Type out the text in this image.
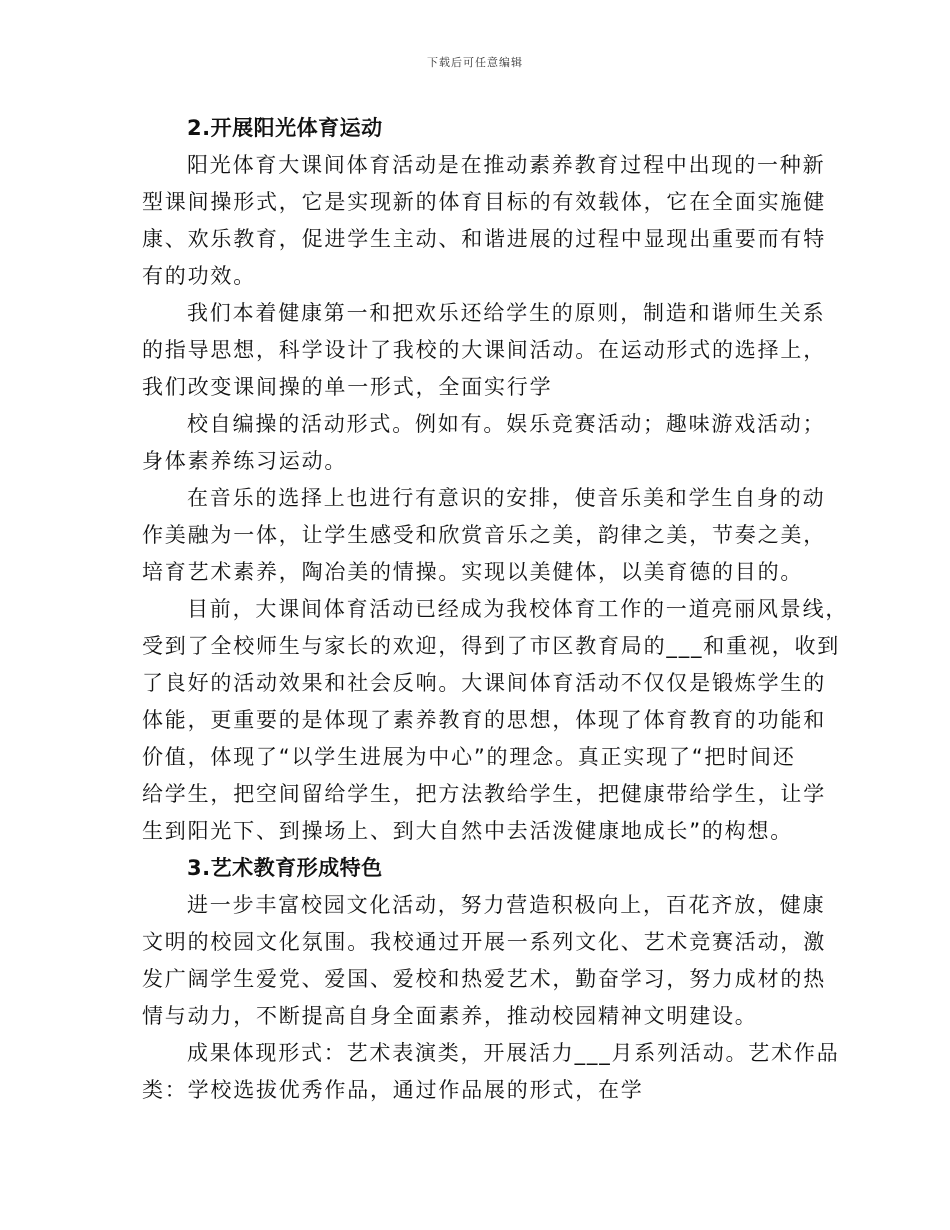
下载后可任意编辑
2.开展阳光体育运动
阳光体育大课间体育活动是在推动素养教育过程中出现的一种新
型课间操形式，它是实现新的体育目标的有效载体，它在全面实施健
康、欢乐教育，促进学生主动、和谐进展的过程中显现出重要而有特
有的功效。
我们本着健康第一和把欢乐还给学生的原则，制造和谐师生关系
的指导思想，科学设计了我校的大课间活动。在运动形式的选择上，
我们改变课间操的单一形式，全面实行学
校自编操的活动形式。例如有。娱乐竞赛活动；趣味游戏活动；
身体素养练习运动。
在音乐的选择上也进行有意识的安排，使音乐美和学生自身的动
作美融为一体，让学生感受和欣赏音乐之美，韵律之美，节奏之美，
培育艺术素养，陶冶美的情操。实现以美健体，以美育德的目的。
目前，大课间体育活动已经成为我校体育工作的一道亮丽风景线，
受到了全校师生与家长的欢迎，得到了市区教育局的___和重视，收到
了良好的活动效果和社会反响。大课间体育活动不仅仅是锻炼学生的
体能，更重要的是体现了素养教育的思想，体现了体育教育的功能和
价值，体现了“以学生进展为中心”的理念。真正实现了“把时间还
给学生，把空间留给学生，把方法教给学生，把健康带给学生，让学
生到阳光下、到操场上、到大自然中去活泼健康地成长”的构想。
3.艺术教育形成特色
进一步丰富校园文化活动，努力营造积极向上，百花齐放，健康
文明的校园文化氛围。我校通过开展一系列文化、艺术竞赛活动，激
发广阔学生爱党、爱国、爱校和热爱艺术，勤奋学习，努力成材的热
情与动力，不断提高自身全面素养，推动校园精神文明建设。
成果体现形式：艺术表演类，开展活力___月系列活动。艺术作品
类：学校选拔优秀作品，通过作品展的形式，在学
